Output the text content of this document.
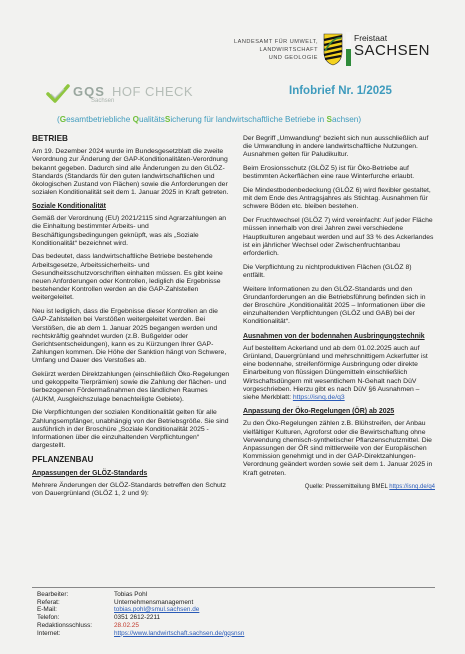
LANDESAMT FÜR UMWELT,
LANDWIRTSCHAFT
UND GEOLOGIE
Freistaat
SACHSEN
GQS HOF CHECK
Sachsen
Infobrief Nr. 1/2025
(Gesamtbetriebliche QualitätsSicherung für landwirtschaftliche Betriebe in Sachsen)
BETRIEB

Am 19. Dezember 2024 wurde im Bundesgesetzblatt die zweite Verordnung zur Änderung der GAP-Konditionalitäten-Verordnung bekannt gegeben. Dadurch sind alle Änderungen zu den GLÖZ-Standards (Standards für den guten landwirtschaftlichen und ökologischen Zustand von Flächen) sowie die Anforderungen der sozialen Konditionalität seit dem 1. Januar 2025 in Kraft getreten.

Soziale Konditionalität

Gemäß der Verordnung (EU) 2021/2115 sind Agrarzahlungen an die Einhaltung bestimmter Arbeits- und Beschäftigungsbedingungen geknüpft, was als „Soziale Konditionalität“ bezeichnet wird.

Das bedeutet, dass landwirtschaftliche Betriebe bestehende Arbeitsgesetze, Arbeitssicherheits- und Gesundheitsschutzvorschriften einhalten müssen. Es gibt keine neuen Anforderungen oder Kontrollen, lediglich die Ergebnisse bestehender Kontrollen werden an die GAP-Zahlstellen weitergeleitet.

Neu ist lediglich, dass die Ergebnisse dieser Kontrollen an die GAP-Zahlstellen bei Verstößen weitergeleitet werden. Bei Verstößen, die ab dem 1. Januar 2025 begangen werden und rechtskräftig geahndet wurden (z.B. Bußgelder oder Gerichtsentscheidungen), kann es zu Kürzungen Ihrer GAP-Zahlungen kommen. Die Höhe der Sanktion hängt von Schwere, Umfang und Dauer des Verstoßes ab.

Gekürzt werden Direktzahlungen (einschließlich Öko-Regelungen und gekoppelte Tierprämien) sowie die Zahlung der flächen- und tierbezogenen Fördermaßnahmen des ländlichen Raumes (AUKM, Ausgleichszulage benachteiligte Gebiete).

Die Verpflichtungen der sozialen Konditionalität gelten für alle Zahlungsempfänger, unabhängig von der Betriebsgröße. Sie sind ausführlich in der Broschüre „Soziale Konditionalität 2025 - Informationen über die einzuhaltenden Verpflichtungen“ dargestellt.

PFLANZENBAU
Anpassungen der GLÖZ-Standards

Mehrere Änderungen der GLÖZ-Standards betreffen den Schutz von Dauergrünland (GLÖZ 1, 2 und 9):

Der Begriff „Umwandlung“ bezieht sich nun ausschließlich auf die Umwandlung in andere landwirtschaftliche Nutzungen. Ausnahmen gelten für Paludikultur.

Beim Erosionsschutz (GLÖZ 5) ist für Öko-Betriebe auf bestimmten Ackerflächen eine raue Winterfurche erlaubt.

Die Mindestbodenbedeckung (GLÖZ 6) wird flexibler gestaltet, mit dem Ende des Antragsjahres als Stichtag. Ausnahmen für schwere Böden etc. bleiben bestehen.

Der Fruchtwechsel (GLÖZ 7) wird vereinfacht: Auf jeder Fläche müssen innerhalb von drei Jahren zwei verschiedene Hauptkulturen angebaut werden und auf 33 % des Ackerlandes ist ein jährlicher Wechsel oder Zwischenfruchtanbau erforderlich.

Die Verpflichtung zu nichtproduktiven Flächen (GLÖZ 8) entfällt.

Weitere Informationen zu den GLÖZ-Standards und den Grundanforderungen an die Betriebsführung befinden sich in der Broschüre „Konditionalität 2025 – Informationen über die einzuhaltenden Verpflichtungen (GLÖZ und GAB) bei der Konditionalität“.

Ausnahmen von der bodennahen Ausbringungstechnik

Auf bestelltem Ackerland und ab dem 01.02.2025 auch auf Grünland, Dauergrünland und mehrschnittigem Ackerfutter ist eine bodennahe, streifenförmige Ausbringung oder direkte Einarbeitung von flüssigen Düngemitteln einschließlich Wirtschaftsdüngern mit wesentlichem N-Gehalt nach DüV vorgeschrieben. Hierzu gibt es nach DüV §6 Ausnahmen – siehe Merkblatt: https://isnq.de/q3

Anpassung der Öko-Regelungen (ÖR) ab 2025

Zu den Öko-Regelungen zählen z.B. Blühstreifen, der Anbau vielfältiger Kulturen, Agroforst oder die Bewirtschaftung ohne Verwendung chemisch-synthetischer Pflanzenschutzmittel. Die Anpassungen der ÖR sind mittlerweile von der Europäischen Kommission genehmigt und in der GAP-Direktzahlungen-Verordnung geändert worden sowie seit dem 1. Januar 2025 in Kraft getreten.

Quelle: Pressemitteilung BMEL https://isnq.de/q4
Bearbeiter:	Tobias Pohl
Referat:	Unternehmensmanagement
E-Mail:	tobias.pohl@smul.sachsen.de
Telefon:	0351 2612-2211
Redaktionsschluss:	28.02.25
Internet:	https://www.landwirtschaft.sachsen.de/gqsnsn
